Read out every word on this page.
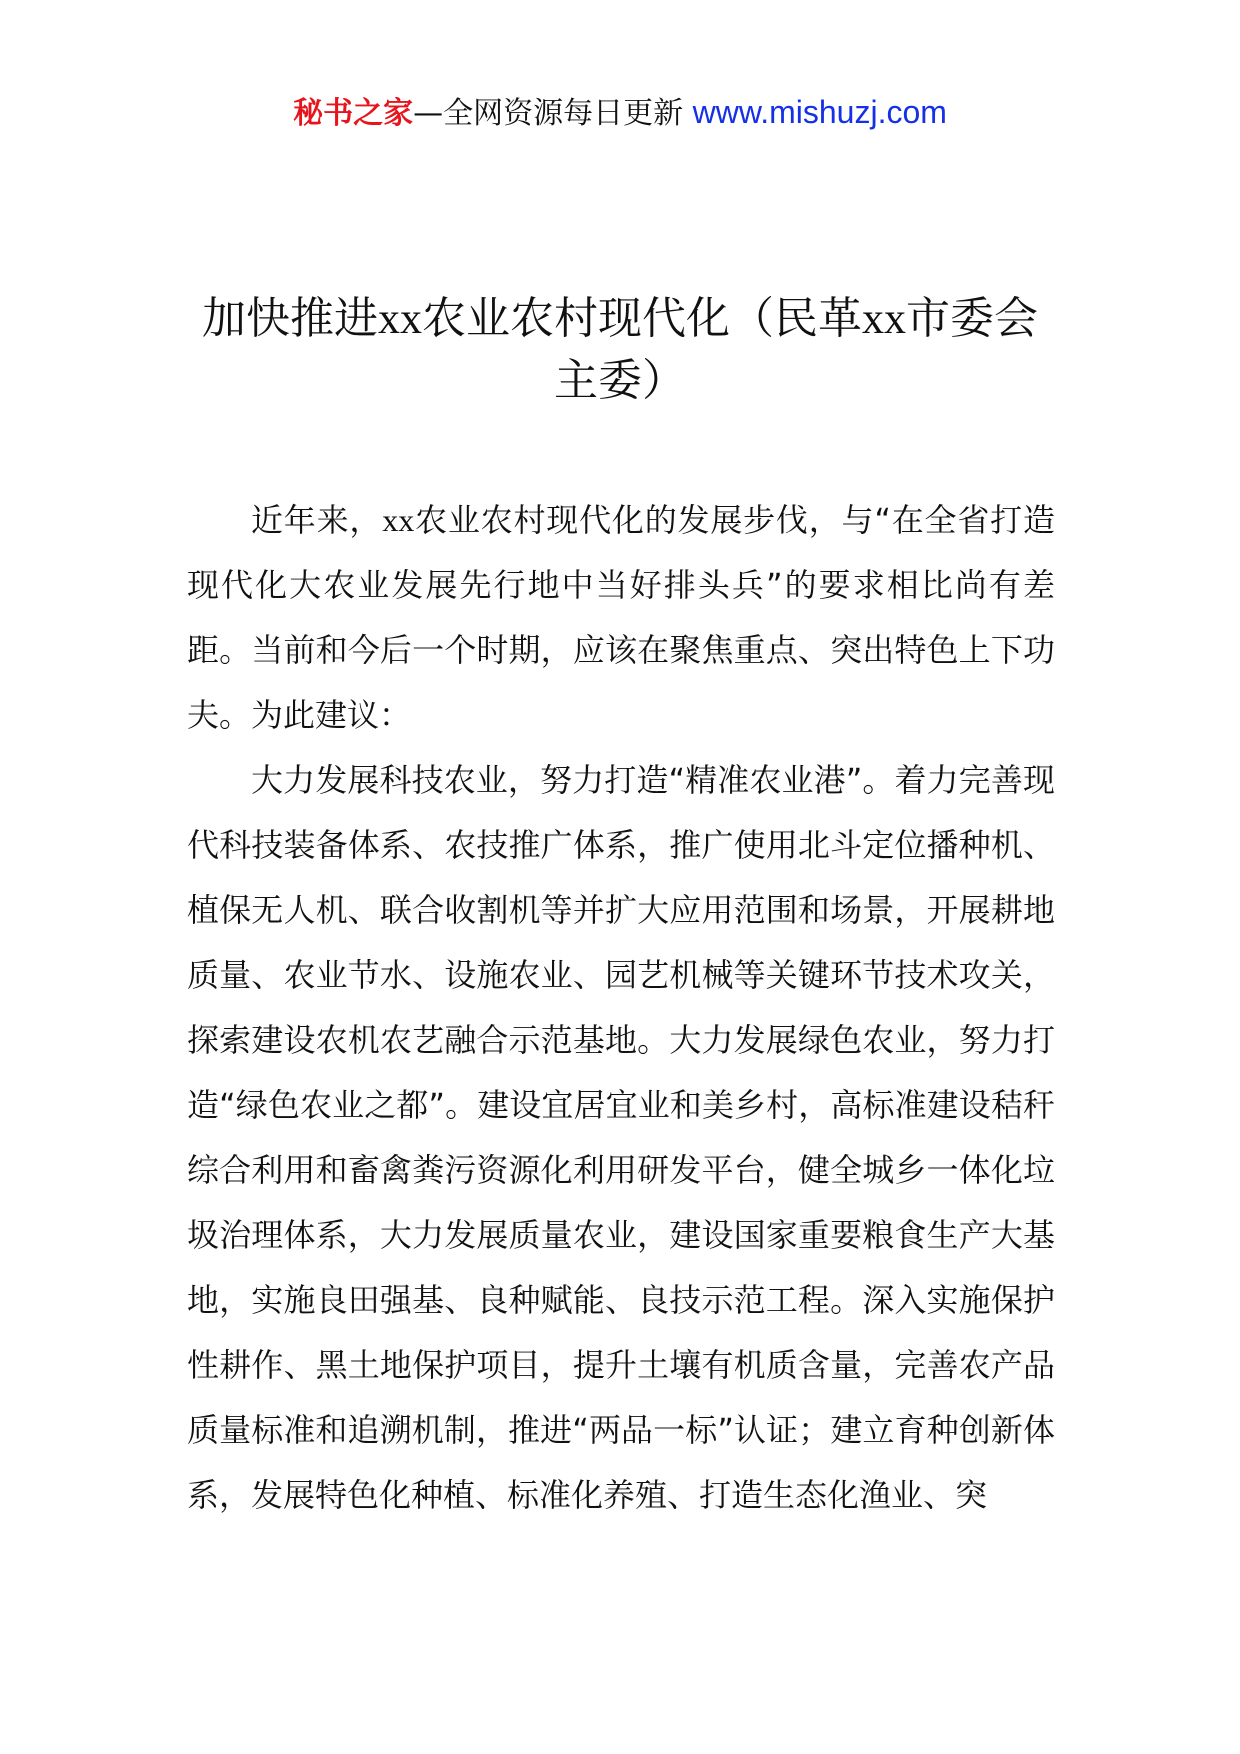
秘书之家—全网资源每日更新 www.mishuzj.com
加快推进xx农业农村现代化（民革xx市委会主委）

近年来，xx农业农村现代化的发展步伐，与“在全省打造现代化大农业发展先行地中当好排头兵”的要求相比尚有差距。当前和今后一个时期，应该在聚焦重点、突出特色上下功夫。为此建议：

大力发展科技农业，努力打造“精准农业港”。着力完善现代科技装备体系、农技推广体系，推广使用北斗定位播种机、植保无人机、联合收割机等并扩大应用范围和场景，开展耕地质量、农业节水、设施农业、园艺机械等关键环节技术攻关，探索建设农机农艺融合示范基地。大力发展绿色农业，努力打造“绿色农业之都”。建设宜居宜业和美乡村，高标准建设秸秆综合利用和畜禽粪污资源化利用研发平台，健全城乡一体化垃圾治理体系，大力发展质量农业，建设国家重要粮食生产大基地，实施良田强基、良种赋能、良技示范工程。深入实施保护性耕作、黑土地保护项目，提升土壤有机质含量，完善农产品质量标准和追溯机制，推进“两品一标”认证；建立育种创新体系，发展特色化种植、标准化养殖、打造生态化渔业、突
